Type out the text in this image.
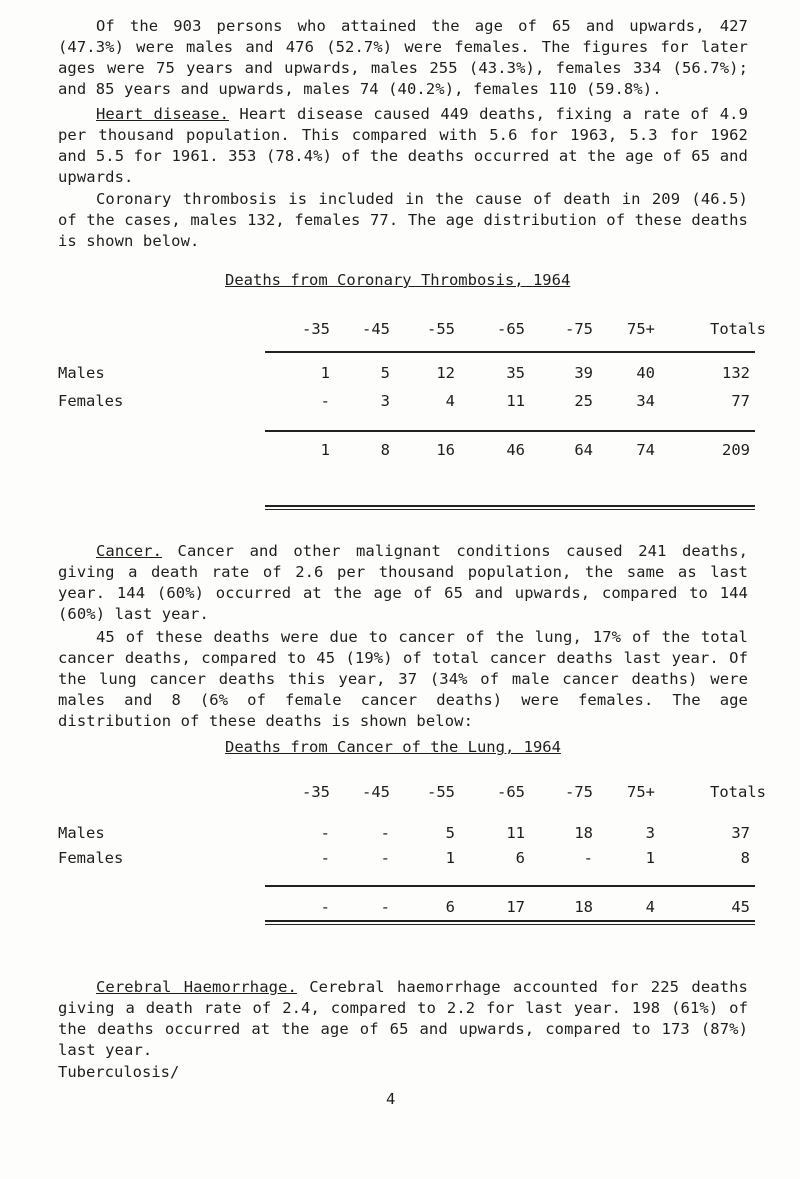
Of the 903 persons who attained the age of 65 and upwards, 427 (47.3%) were males and 476 (52.7%) were females. The figures for later ages were 75 years and upwards, males 255 (43.3%), females 334 (56.7%); and 85 years and upwards, males 74 (40.2%), females 110 (59.8%).

Heart disease. Heart disease caused 449 deaths, fixing a rate of 4.9 per thousand population. This compared with 5.6 for 1963, 5.3 for 1962 and 5.5 for 1961. 353 (78.4%) of the deaths occurred at the age of 65 and upwards.

Coronary thrombosis is included in the cause of death in 209 (46.5) of the cases, males 132, females 77. The age distribution of these deaths is shown below.

Deaths from Coronary Thrombosis, 1964
-35	-45	-55	-65	-75	75+	Totals
Males	1	5	12	35	39	40	132
Females	-	3	4	11	25	34	77
1	8	16	46	64	74	209

Cancer. Cancer and other malignant conditions caused 241 deaths, giving a death rate of 2.6 per thousand population, the same as last year. 144 (60%) occurred at the age of 65 and upwards, compared to 144 (60%) last year.

45 of these deaths were due to cancer of the lung, 17% of the total cancer deaths, compared to 45 (19%) of total cancer deaths last year. Of the lung cancer deaths this year, 37 (34% of male cancer deaths) were males and 8 (6% of female cancer deaths) were females. The age distribution of these deaths is shown below:

Deaths from Cancer of the Lung, 1964
-35	-45	-55	-65	-75	75+	Totals
Males	-	-	5	11	18	3	37
Females	-	-	1	6	-	1	8
-	-	6	17	18	4	45

Cerebral Haemorrhage. Cerebral haemorrhage accounted for 225 deaths giving a death rate of 2.4, compared to 2.2 for last year. 198 (61%) of the deaths occurred at the age of 65 and upwards, compared to 173 (87%) last year.

Tuberculosis/
4
